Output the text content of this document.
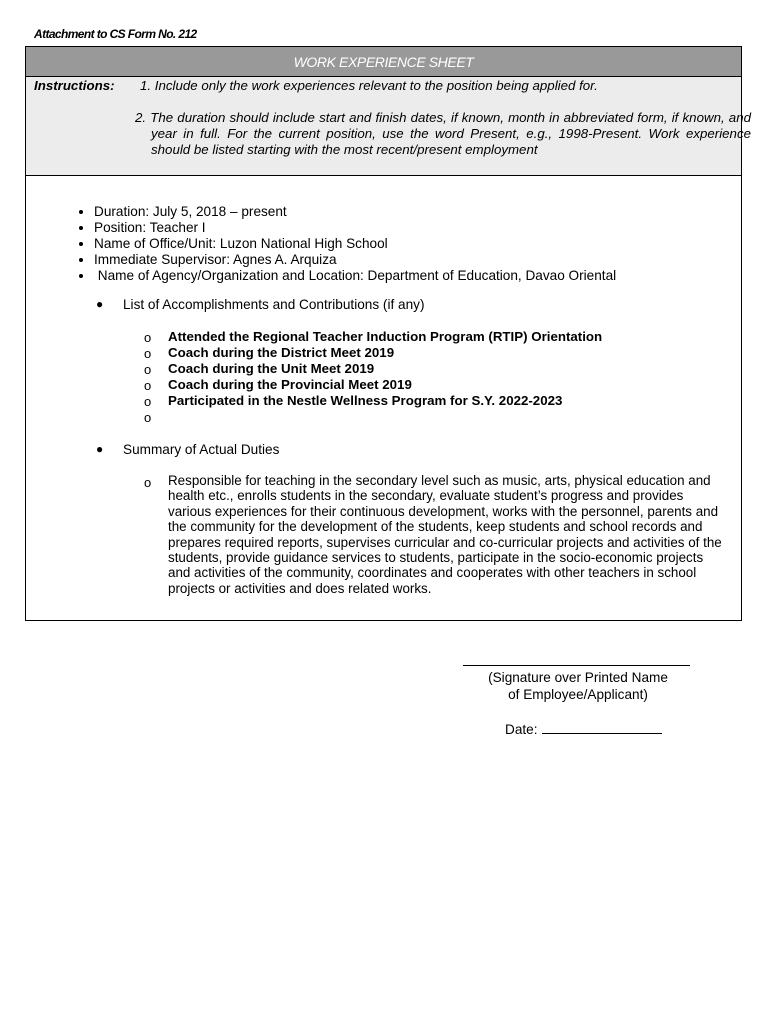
Attachment to CS Form No. 212
WORK EXPERIENCE SHEET
Instructions: 1. Include only the work experiences relevant to the position being applied for.
2. The duration should include start and finish dates, if known, month in abbreviated form, if known, and year in full. For the current position, use the word Present, e.g., 1998-Present. Work experience should be listed starting with the most recent/present employment
• Duration: July 5, 2018 – present
• Position: Teacher I
• Name of Office/Unit: Luzon National High School
• Immediate Supervisor: Agnes A. Arquiza
•  Name of Agency/Organization and Location: Department of Education, Davao Oriental
● List of Accomplishments and Contributions (if any)
o Attended the Regional Teacher Induction Program (RTIP) Orientation
o Coach during the District Meet 2019
o Coach during the Unit Meet 2019
o Coach during the Provincial Meet 2019
o Participated in the Nestle Wellness Program for S.Y. 2022-2023
o
● Summary of Actual Duties
o Responsible for teaching in the secondary level such as music, arts, physical education and health etc., enrolls students in the secondary, evaluate student’s progress and provides various experiences for their continuous development, works with the personnel, parents and the community for the development of the students, keep students and school records and prepares required reports, supervises curricular and co-curricular projects and activities of the students, provide guidance services to students, participate in the socio-economic projects and activities of the community, coordinates and cooperates with other teachers in school projects or activities and does related works.
(Signature over Printed Name
of Employee/Applicant)
Date:
